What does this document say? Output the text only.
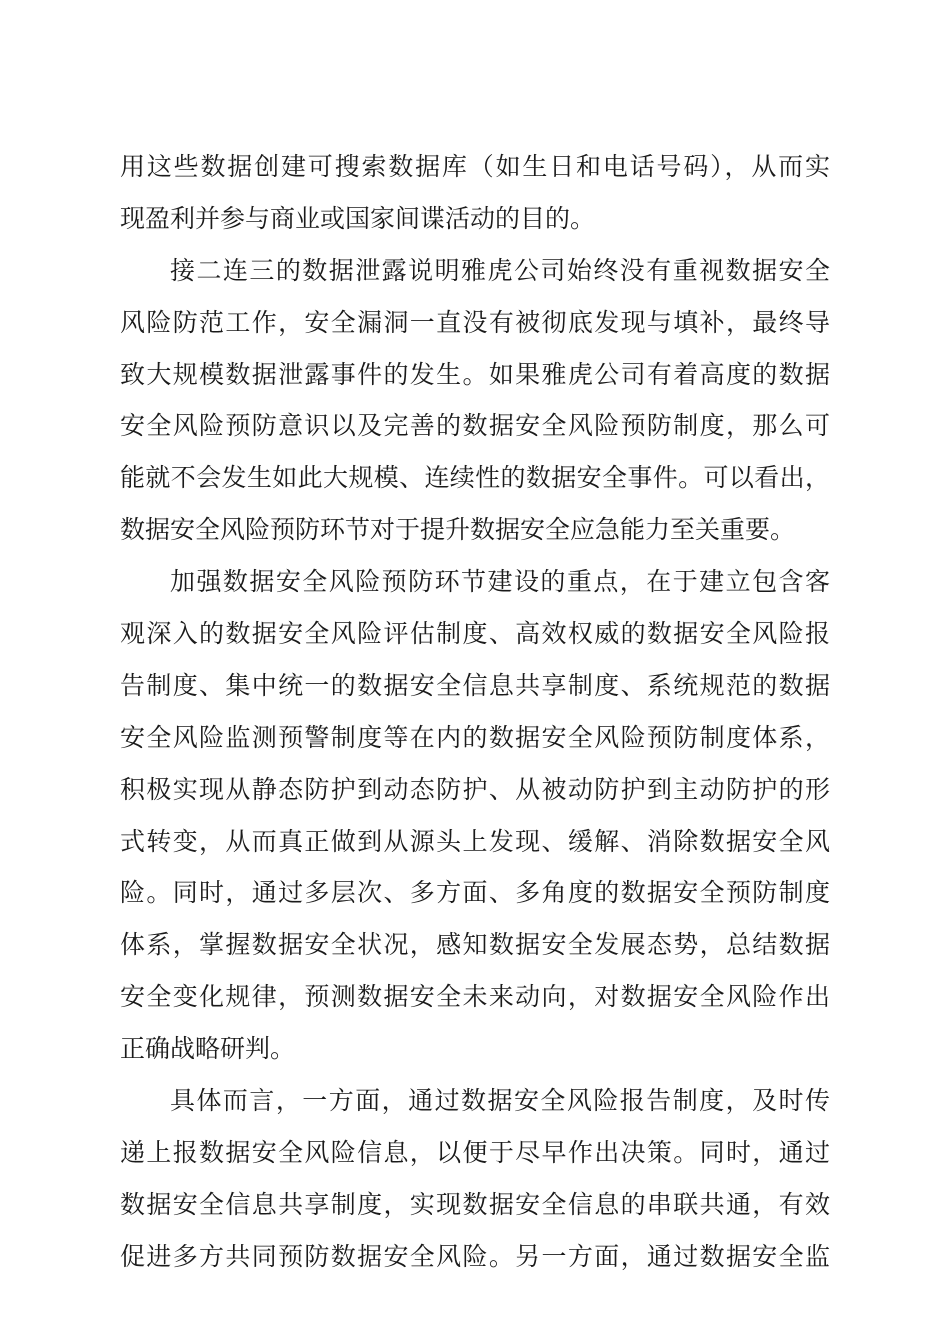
用这些数据创建可搜索数据库（如生日和电话号码），从而实
现盈利并参与商业或国家间谍活动的目的。
接二连三的数据泄露说明雅虎公司始终没有重视数据安全
风险防范工作，安全漏洞一直没有被彻底发现与填补，最终导
致大规模数据泄露事件的发生。如果雅虎公司有着高度的数据
安全风险预防意识以及完善的数据安全风险预防制度，那么可
能就不会发生如此大规模、连续性的数据安全事件。可以看出，
数据安全风险预防环节对于提升数据安全应急能力至关重要。
加强数据安全风险预防环节建设的重点，在于建立包含客
观深入的数据安全风险评估制度、高效权威的数据安全风险报
告制度、集中统一的数据安全信息共享制度、系统规范的数据
安全风险监测预警制度等在内的数据安全风险预防制度体系，
积极实现从静态防护到动态防护、从被动防护到主动防护的形
式转变，从而真正做到从源头上发现、缓解、消除数据安全风
险。同时，通过多层次、多方面、多角度的数据安全预防制度
体系，掌握数据安全状况，感知数据安全发展态势，总结数据
安全变化规律，预测数据安全未来动向，对数据安全风险作出
正确战略研判。
具体而言，一方面，通过数据安全风险报告制度，及时传
递上报数据安全风险信息，以便于尽早作出决策。同时，通过
数据安全信息共享制度，实现数据安全信息的串联共通，有效
促进多方共同预防数据安全风险。另一方面，通过数据安全监
